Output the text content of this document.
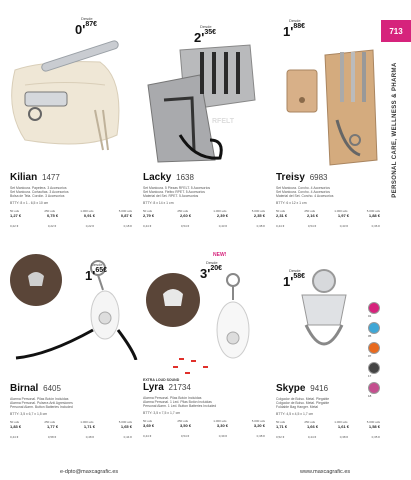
713
PERSONAL CARE, WELLNESS & PHARMA
Desde
$0'^{87€}$
RFELT
Desde
$2'^{35€}$
Desde
$1'^{88€}$
Kilian 1477
Set Manicura. Papelera. 3 Accesorios
Set Manicura. Cortauñas. 3 Accesorios
Bolsa de Tela. Cordón. 3 Accesorios
BTTY: 8 x 1 - 6,5 x 10 cm
50 uds	250 uds	1.000 uds	5.000 uds
1,27 €	0,75 €	0,91 €	0,87 €
0,22 €	0,22 €	0,22 €	0,18 €
Lacky 1638
Set Manicura. 5 Piezas RFELT. 5 Accesorios
Set Manicura. Fieltro RPET. 5 Accesorios
Material del Set. RPET. 5 Accesorios
BTTY: 8 x 14 x 1 cm
50 uds	250 uds	1.000 uds	5.000 uds
2,79 €	2,60 €	2,39 €	2,35 €
0,44 €	0,54 €	0,43 €	0,38 €
Treisy 6983
Set Manicura. Corcho. 4 Accesorios
Set Manicura. Corcho. 4 Accesorios
Material del Set. Corcho. 4 Accesorios
BTTY: 6 x 12 x 1 cm
50 uds	250 uds	1.000 uds	5.000 uds
2,31 €	2,16 €	1,97 €	1,88 €
0,44 €	0,54 €	0,43 €	0,36 €
Desde
$1'^{65€}$
NEW!
Desde
$3'^{20€}$	Desde
$1'^{58€}$
01
05
07
17
18
Birnal 6405
Alarma Personal. Pilas Botón Incluidas
Alarma Personal. Pulsera Anti Agresiones
Personal Alarm. Button Batteries Included
BTTY: 3,5 x 6,7 x 1,5 cm
50 uds	250 uds	1.000 uds	5.000 uds
1,83 €	1,77 €	1,71 €	1,65 €
0,44 €	0,58 €	0,48 €	0,44 €
EXTRA LOUD SOUND
Lyra 21734
Alarma Personal. Pilas Botón Incluidas
Alarma Personal. 1 Led. Pilas Botón Incluidas
Personal Alarm. 1 Led. Button Batteries Included
BTTY: 3,5 x 7,5 x 1,7 cm
50 uds	250 uds	1.000 uds	5.000 uds
3,69 €	3,50 €	3,30 €	3,20 €
0,44 €	0,54 €	0,39 €	0,38 €
Skype 9416
Colgador de Bolso. Metal. Plegable
Colgador de Bolso. Metal. Plegable
Foldable Bag Hanger. Metal
BTTY: 4,5 x 4,5 x 1,7 cm
50 uds	250 uds	1.000 uds	5.000 uds
1,71 €	1,66 €	1,61 €	1,58 €
0,52 €	0,44 €	0,38 €	0,35 €
e-dpto@maxcagrafic.es	www.maxcagrafic.es
